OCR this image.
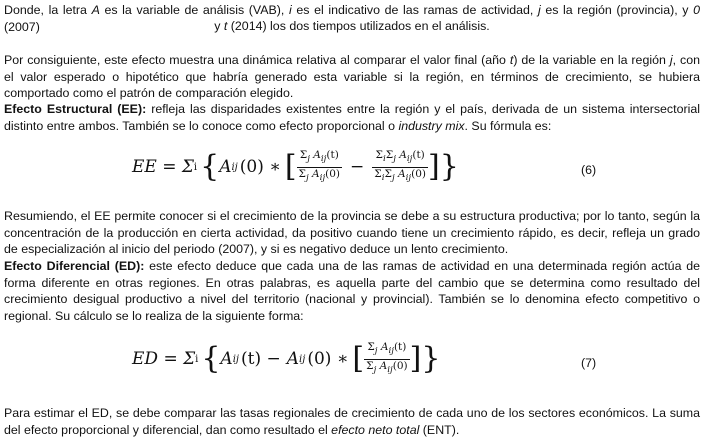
Donde, la letra A es la variable de análisis (VAB), i es el indicativo de las ramas de actividad, j es la región (provincia), y 0 (2007)	y t (2014) los dos tiempos utilizados en el análisis.

Por consiguiente, este efecto muestra una dinámica relativa al comparar el valor final (año t) de la variable en la región j, con el valor esperado o hipotético que habría generado esta variable si la región, en términos de crecimiento, se hubiera comportado como el patrón de comparación elegido.

Efecto Estructural (EE): refleja las disparidades existentes entre la región y el país, derivada de un sistema intersectorial distinto entre ambos. También se lo conoce como efecto proporcional o industry mix. Su fórmula es:

EE = Σ i { A ij (0) ∗ [ $\frac{\Sigma_j A_{ij}(t)}{\Sigma_j A_{ij}(0)} - \frac{\Sigma_i\Sigma_j A_{ij}(t)}{\Sigma_i\Sigma_j A_{ij}(0)}$ ] }	(6)

Resumiendo, el EE permite conocer si el crecimiento de la provincia se debe a su estructura productiva; por lo tanto, según la concentración de la producción en cierta actividad, da positivo cuando tiene un crecimiento rápido, es decir, refleja un grado de especialización al inicio del periodo (2007), y si es negativo deduce un lento crecimiento.

Efecto Diferencial (ED): este efecto deduce que cada una de las ramas de actividad en una determinada región actúa de forma diferente en otras regiones. En otras palabras, es aquella parte del cambio que se determina como resultado del crecimiento desigual productivo a nivel del territorio (nacional y provincial). También se lo denomina efecto competitivo o regional. Su cálculo se lo realiza de la siguiente forma:

ED = Σ i { A ij (t) − A ij (0) ∗ [ $\frac{\Sigma_j A_{ij}(t)}{\Sigma_j A_{ij}(0)}$ ] }	(7)

Para estimar el ED, se debe comparar las tasas regionales de crecimiento de cada uno de los sectores económicos. La suma del efecto proporcional y diferencial, dan como resultado el efecto neto total (ENT).
